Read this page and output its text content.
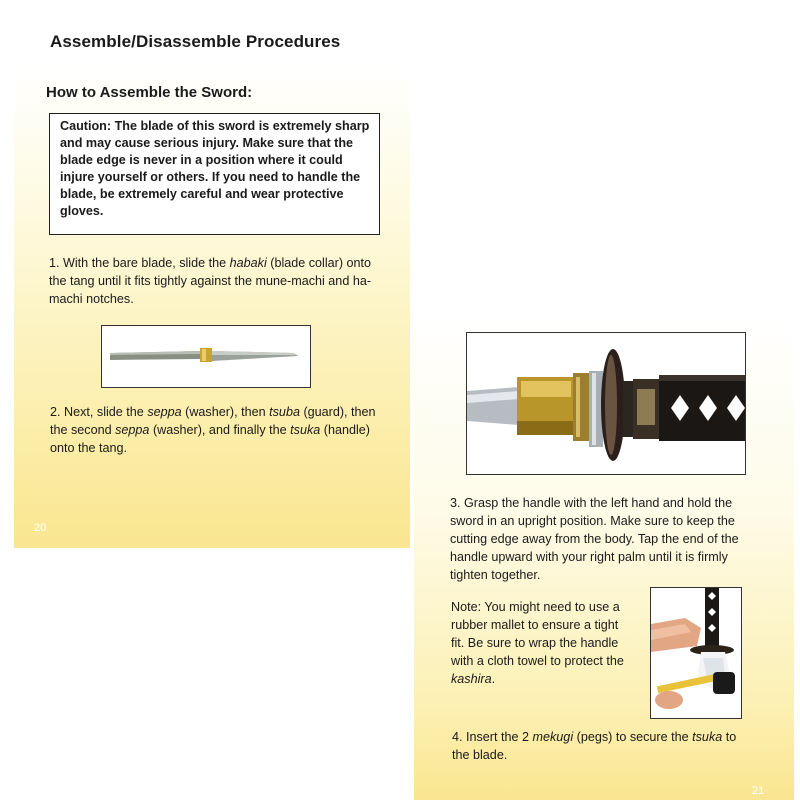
Assemble/Disassemble Procedures
How to Assemble the Sword:
Caution: The blade of this sword is extremely sharp and may cause serious injury. Make sure that the blade edge is never in a position where it could injure yourself or others. If you need to handle the blade, be extremely careful and wear protective gloves.

1. With the bare blade, slide the habaki (blade collar) onto the tang until it fits tightly against the mune-machi and ha-machi notches.

2. Next, slide the seppa (washer), then tsuba (guard), then the second seppa (washer), and finally the tsuka (handle) onto the tang.

20

3. Grasp the handle with the left hand and hold the sword in an upright position. Make sure to keep the cutting edge away from the body. Tap the end of the handle upward with your right palm until it is firmly tighten together.

Note: You might need to use a rubber mallet to ensure a tight fit. Be sure to wrap the handle with a cloth towel to protect the kashira.

4. Insert the 2 mekugi (pegs) to secure the tsuka to the blade.

21
